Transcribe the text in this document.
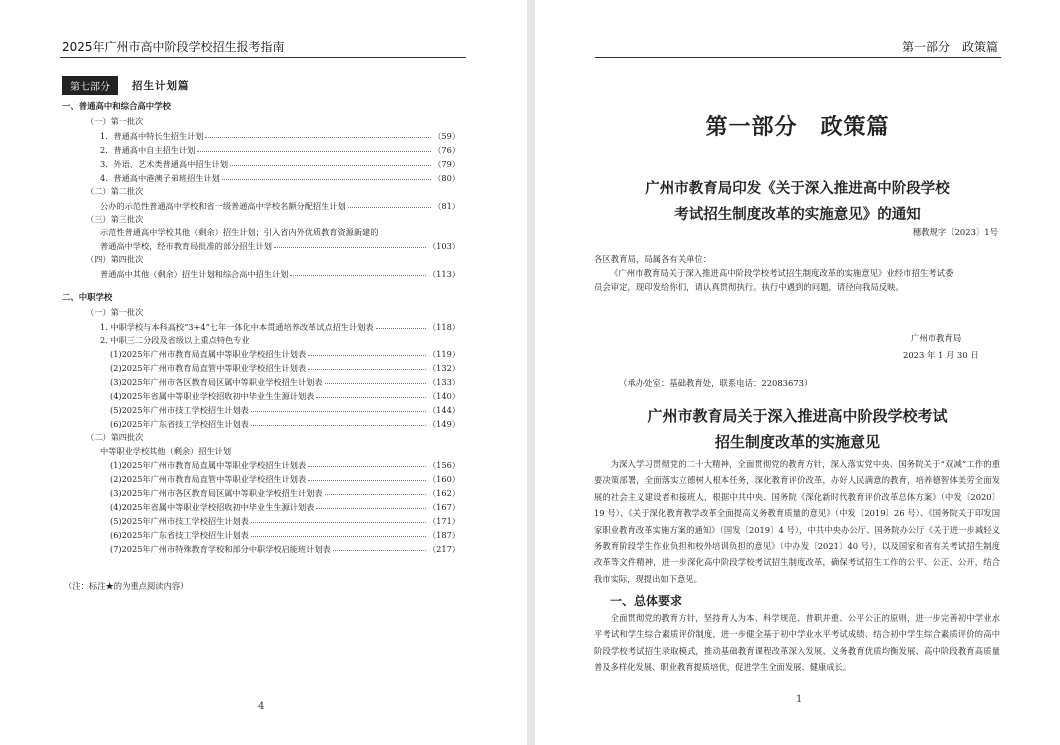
2025年广州市高中阶段学校招生报考指南
第七部分	招生计划篇
一、普通高中和综合高中学校
（一）第一批次
1．普通高中特长生招生计划	（59）
2．普通高中自主招生计划	（76）
3．外语、艺术类普通高中招生计划	（79）
4．普通高中港澳子弟班招生计划	（80）
（二）第二批次
公办的示范性普通高中学校和省一级普通高中学校名额分配招生计划	（81）
（三）第三批次
示范性普通高中学校其他（剩余）招生计划；引入省内外优质教育资源新建的
普通高中学校，经市教育局批准的部分招生计划	（103）
（四）第四批次
普通高中其他（剩余）招生计划和综合高中招生计划	（113）
二、中职学校
（一）第一批次
1. 中职学校与本科高校“3+4”七年一体化中本贯通培养改革试点招生计划表	（118）
2. 中职三二分段及省级以上重点特色专业
(1)2025年广州市教育局直属中等职业学校招生计划表	（119）
(2)2025年广州市教育局直管中等职业学校招生计划表	（132）
(3)2025年广州市各区教育局区属中等职业学校招生计划表	（133）
(4)2025年省属中等职业学校招收初中毕业生生源计划表	（140）
(5)2025年广州市技工学校招生计划表	（144）
(6)2025年广东省技工学校招生计划表	（149）
（二）第四批次
中等职业学校其他（剩余）招生计划
(1)2025年广州市教育局直属中等职业学校招生计划表	（156）
(2)2025年广州市教育局直管中等职业学校招生计划表	（160）
(3)2025年广州市各区教育局区属中等职业学校招生计划表	（162）
(4)2025年省属中等职业学校招收初中毕业生生源计划表	（167）
(5)2025年广州市技工学校招生计划表	（171）
(6)2025年广东省技工学校招生计划表	（187）
(7)2025年广州市特殊教育学校和部分中职学校启能班计划表	（217）
（注：标注★的为重点阅读内容）
4
第一部分　政策篇
第一部分　政策篇
广州市教育局印发《关于深入推进高中阶段学校
考试招生制度改革的实施意见》的通知
穗教规字〔2023〕1号
各区教育局，局属各有关单位：
《广州市教育局关于深入推进高中阶段学校考试招生制度改革的实施意见》业经市招生考试委
员会审定，现印发给你们，请认真贯彻执行。执行中遇到的问题，请径向我局反映。
广州市教育局
2023 年 1 月 30 日
（承办处室：基础教育处，联系电话：22083673）
广州市教育局关于深入推进高中阶段学校考试
招生制度改革的实施意见
为深入学习贯彻党的二十大精神，全面贯彻党的教育方针，深入落实党中央、国务院关于“双减”工作的重要决策部署，全面落实立德树人根本任务，深化教育评价改革，办好人民满意的教育，培养德智体美劳全面发展的社会主义建设者和接班人，根据中共中央、国务院《深化新时代教育评价改革总体方案》（中发〔2020〕19 号）、《关于深化教育教学改革全面提高义务教育质量的意见》（中发〔2019〕26 号）、《国务院关于印发国家职业教育改革实施方案的通知》（国发〔2019〕4 号），中共中央办公厅、国务院办公厅《关于进一步减轻义务教育阶段学生作业负担和校外培训负担的意见》（中办发〔2021〕40 号），以及国家和省有关考试招生制度改革等文件精神，进一步深化高中阶段学校考试招生制度改革，确保考试招生工作的公平、公正、公开，结合我市实际，现提出如下意见。
一、总体要求
全面贯彻党的教育方针，坚持育人为本、科学规范、普职并重、公平公正的原则，进一步完善初中学业水平考试和学生综合素质评价制度，进一步健全基于初中学业水平考试成绩、结合初中学生综合素质评价的高中阶段学校考试招生录取模式，推动基础教育课程改革深入发展、义务教育优质均衡发展、高中阶段教育高质量普及多样化发展、职业教育提质培优，促进学生全面发展、健康成长。
1
